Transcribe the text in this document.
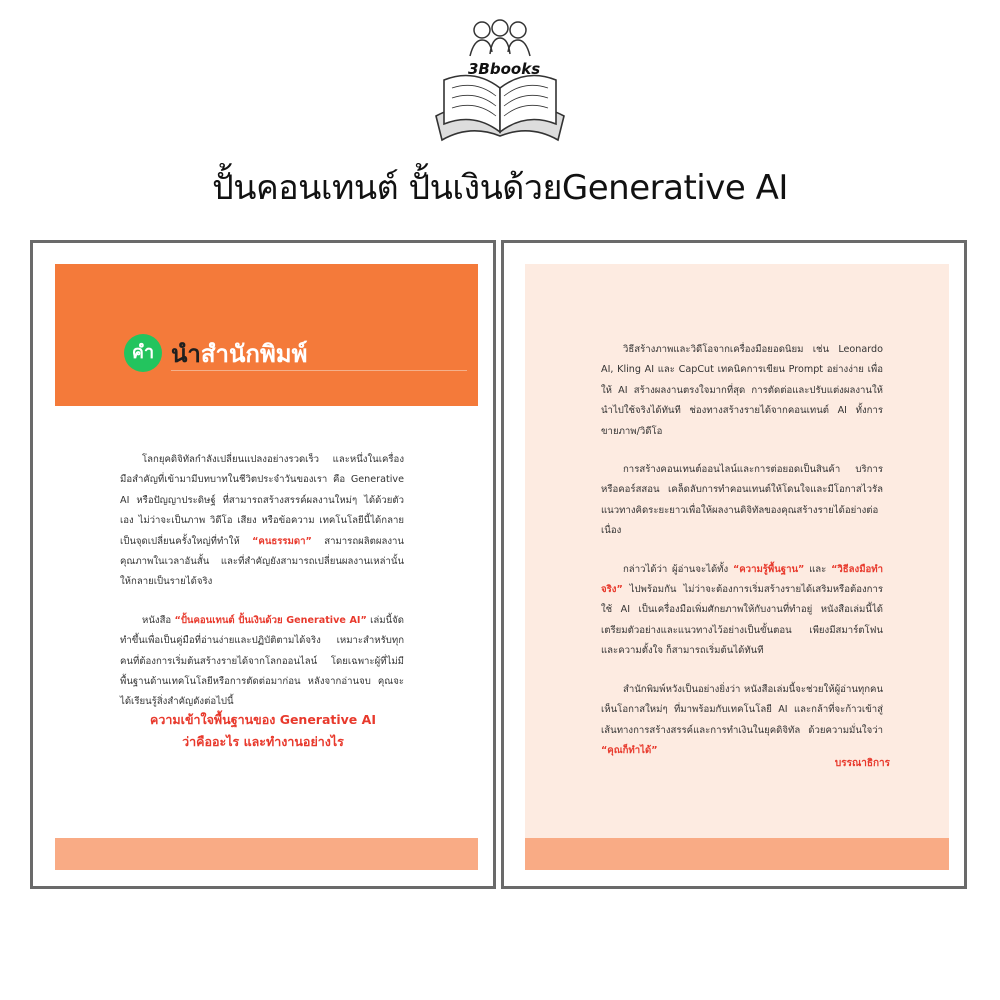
3Bbooks
ปั้นคอนเทนต์ ปั้นเงินด้วยGenerative AI
คำ นำสำนักพิมพ์

โลกยุคดิจิทัลกำลังเปลี่ยนแปลงอย่างรวดเร็ว และหนึ่งในเครื่องมือสำคัญที่เข้ามามีบทบาทในชีวิตประจำวันของเรา คือ Generative AI หรือปัญญาประดิษฐ์ ที่สามารถสร้างสรรค์ผลงานใหม่ๆ ได้ด้วยตัวเอง ไม่ว่าจะเป็นภาพ วิดีโอ เสียง หรือข้อความ เทคโนโลยีนี้ได้กลายเป็นจุดเปลี่ยนครั้งใหญ่ที่ทำให้ “คนธรรมดา” สามารถผลิตผลงานคุณภาพในเวลาอันสั้น และที่สำคัญยังสามารถเปลี่ยนผลงานเหล่านั้นให้กลายเป็นรายได้จริง

หนังสือ “ปั้นคอนเทนต์ ปั้นเงินด้วย Generative AI” เล่มนี้จัดทำขึ้นเพื่อเป็นคู่มือที่อ่านง่ายและปฏิบัติตามได้จริง เหมาะสำหรับทุกคนที่ต้องการเริ่มต้นสร้างรายได้จากโลกออนไลน์ โดยเฉพาะผู้ที่ไม่มีพื้นฐานด้านเทคโนโลยีหรือการตัดต่อมาก่อน หลังจากอ่านจบ คุณจะได้เรียนรู้สิ่งสำคัญดังต่อไปนี้

ความเข้าใจพื้นฐานของ Generative AI
ว่าคืออะไร และทำงานอย่างไร

วิธีสร้างภาพและวิดีโอจากเครื่องมือยอดนิยม เช่น Leonardo AI, Kling AI และ CapCut เทคนิคการเขียน Prompt อย่างง่าย เพื่อให้ AI สร้างผลงานตรงใจมากที่สุด การตัดต่อและปรับแต่งผลงานให้นำไปใช้จริงได้ทันที ช่องทางสร้างรายได้จากคอนเทนต์ AI ทั้งการขายภาพ/วิดีโอ

การสร้างคอนเทนต์ออนไลน์และการต่อยอดเป็นสินค้า บริการ หรือคอร์สสอน เคล็ดลับการทำคอนเทนต์ให้โดนใจและมีโอกาสไวรัล แนวทางคิดระยะยาวเพื่อให้ผลงานดิจิทัลของคุณสร้างรายได้อย่างต่อเนื่อง

กล่าวได้ว่า ผู้อ่านจะได้ทั้ง “ความรู้พื้นฐาน” และ “วิธีลงมือทำจริง” ไปพร้อมกัน ไม่ว่าจะต้องการเริ่มสร้างรายได้เสริมหรือต้องการใช้ AI เป็นเครื่องมือเพิ่มศักยภาพให้กับงานที่ทำอยู่ หนังสือเล่มนี้ได้เตรียมตัวอย่างและแนวทางไว้อย่างเป็นขั้นตอน เพียงมีสมาร์ตโฟนและความตั้งใจ ก็สามารถเริ่มต้นได้ทันที

สำนักพิมพ์หวังเป็นอย่างยิ่งว่า หนังสือเล่มนี้จะช่วยให้ผู้อ่านทุกคนเห็นโอกาสใหม่ๆ ที่มาพร้อมกับเทคโนโลยี AI และกล้าที่จะก้าวเข้าสู่เส้นทางการสร้างสรรค์และการทำเงินในยุคดิจิทัล ด้วยความมั่นใจว่า “คุณก็ทำได้”

บรรณาธิการ
